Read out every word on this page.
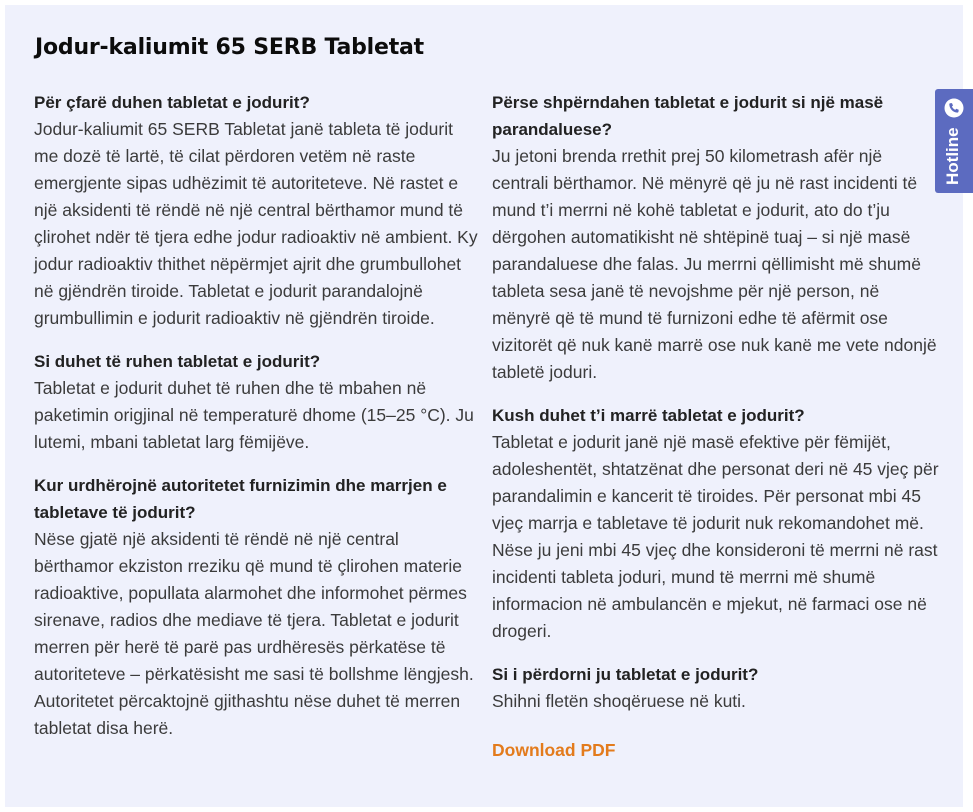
Jodur-kaliumit 65 SERB Tabletat

Për çfarë duhen tabletat e jodurit?

Jodur-kaliumit 65 SERB Tabletat janë tableta të jodurit me dozë të lartë, të cilat përdoren vetëm në raste emergjente sipas udhëzimit të autoriteteve. Në rastet e një aksidenti të rëndë në një central bërthamor mund të çlirohet ndër të tjera edhe jodur radioaktiv në ambient. Ky jodur radioaktiv thithet nëpërmjet ajrit dhe grumbullohet në gjëndrën tiroide. Tabletat e jodurit parandalojnë grumbullimin e jodurit radioaktiv në gjëndrën tiroide.

Si duhet të ruhen tabletat e jodurit?

Tabletat e jodurit duhet të ruhen dhe të mbahen në paketimin origjinal në temperaturë dhome (15–25 °C). Ju lutemi, mbani tabletat larg fëmijëve.

Kur urdhërojnë autoritetet furnizimin dhe marrjen e tabletave të jodurit?

Nëse gjatë një aksidenti të rëndë në një central bërthamor ekziston rreziku që mund të çlirohen materie radioaktive, popullata alarmohet dhe informohet përmes sirenave, radios dhe mediave të tjera. Tabletat e jodurit merren për herë të parë pas urdhëresës përkatëse të autoriteteve – përkatësisht me sasi të bollshme lëngjesh. Autoritetet përcaktojnë gjithashtu nëse duhet të merren tabletat disa herë.

Përse shpërndahen tabletat e jodurit si një masë parandaluese?

Ju jetoni brenda rrethit prej 50 kilometrash afër një centrali bërthamor. Në mënyrë që ju në rast incidenti të mund t’i merrni në kohë tabletat e jodurit, ato do t’ju dërgohen automatikisht në shtëpinë tuaj – si një masë parandaluese dhe falas. Ju merrni qëllimisht më shumë tableta sesa janë të nevojshme për një person, në mënyrë që të mund të furnizoni edhe të afërmit ose vizitorët që nuk kanë marrë ose nuk kanë me vete ndonjë tabletë joduri.

Kush duhet t’i marrë tabletat e jodurit?

Tabletat e jodurit janë një masë efektive për fëmijët, adoleshentët, shtatzënat dhe personat deri në 45 vjeç për parandalimin e kancerit të tiroides. Për personat mbi 45 vjeç marrja e tabletave të jodurit nuk rekomandohet më. Nëse ju jeni mbi 45 vjeç dhe konsideroni të merrni në rast incidenti tableta joduri, mund të merrni më shumë informacion në ambulancën e mjekut, në farmaci ose në drogeri.

Si i përdorni ju tabletat e jodurit?

Shihni fletën shoqëruese në kuti.

Download PDF
Hotline
